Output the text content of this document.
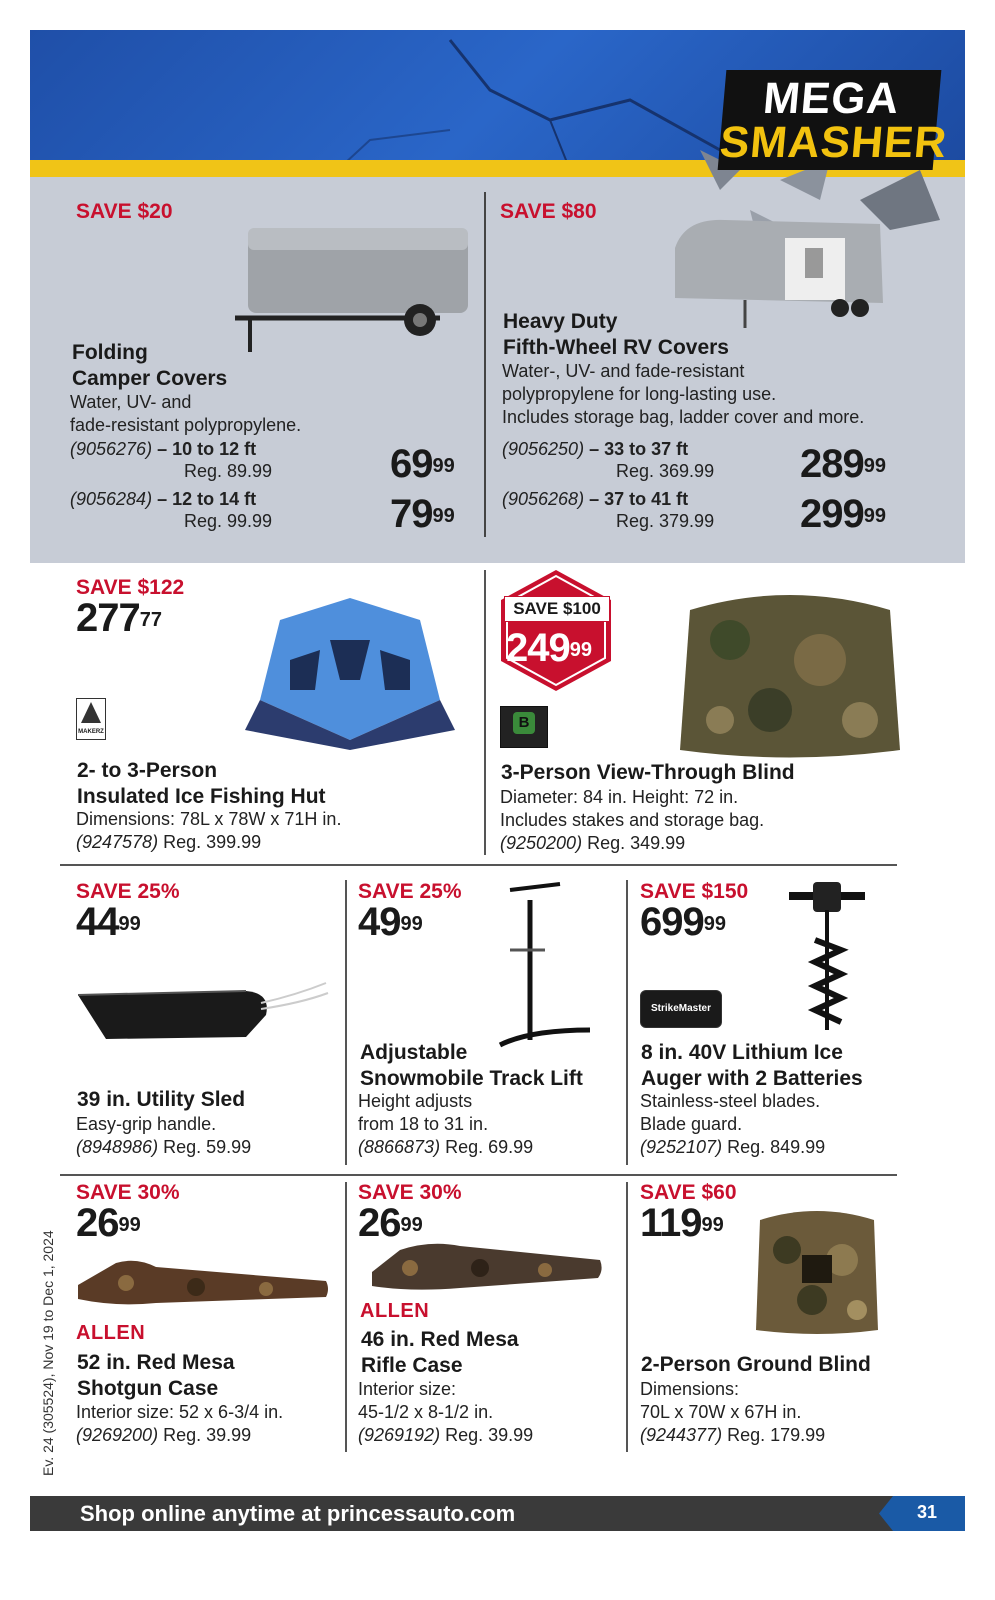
MEGA
SMASHER
SAVE $20
Folding
Camper Covers
Water, UV- and
fade-resistant polypropylene.
(9056276) – 10 to 12 ft
Reg. 89.99	$69^{99}$
(9056284) – 12 to 14 ft
Reg. 99.99	$79^{99}$
SAVE $80
Heavy Duty
Fifth-Wheel RV Covers
Water-, UV- and fade-resistant
polypropylene for long-lasting use.
Includes storage bag, ladder cover and more.
(9056250) – 33 to 37 ft
Reg. 369.99 $289^{99}$
(9056268) – 37 to 41 ft
Reg. 379.99 $299^{99}$
SAVE $122
$277^{77}$
MAKERZ
2- to 3-Person
Insulated Ice Fishing Hut
Dimensions: 78L x 78W x 71H in.
(9247578) Reg. 399.99
SAVE $100
$249^{99}$
B
3-Person View-Through Blind
Diameter: 84 in. Height: 72 in.
Includes stakes and storage bag.
(9250200) Reg. 349.99
SAVE 25%
$44^{99}$
39 in. Utility Sled
Easy-grip handle.
(8948986) Reg. 59.99
SAVE 25%
$49^{99}$
Adjustable
Snowmobile Track Lift
Height adjusts
from 18 to 31 in.
(8866873) Reg. 69.99
SAVE $150
$699^{99}$
StrikeMaster
8 in. 40V Lithium Ice
Auger with 2 Batteries
Stainless-steel blades.
Blade guard.
(9252107) Reg. 849.99
SAVE 30%
$26^{99}$
ALLEN
52 in. Red Mesa
Shotgun Case
Interior size: 52 x 6-3/4 in.
(9269200) Reg. 39.99
SAVE 30%
$26^{99}$
ALLEN
46 in. Red Mesa
Rifle Case
Interior size:
45-1/2 x 8-1/2 in.
(9269192) Reg. 39.99
SAVE $60
$119^{99}$
2-Person Ground Blind
Dimensions:
70L x 70W x 67H in.
(9244377) Reg. 179.99
Ev. 24 (305524), Nov 19 to Dec 1, 2024
Shop online anytime at princessauto.com	31
